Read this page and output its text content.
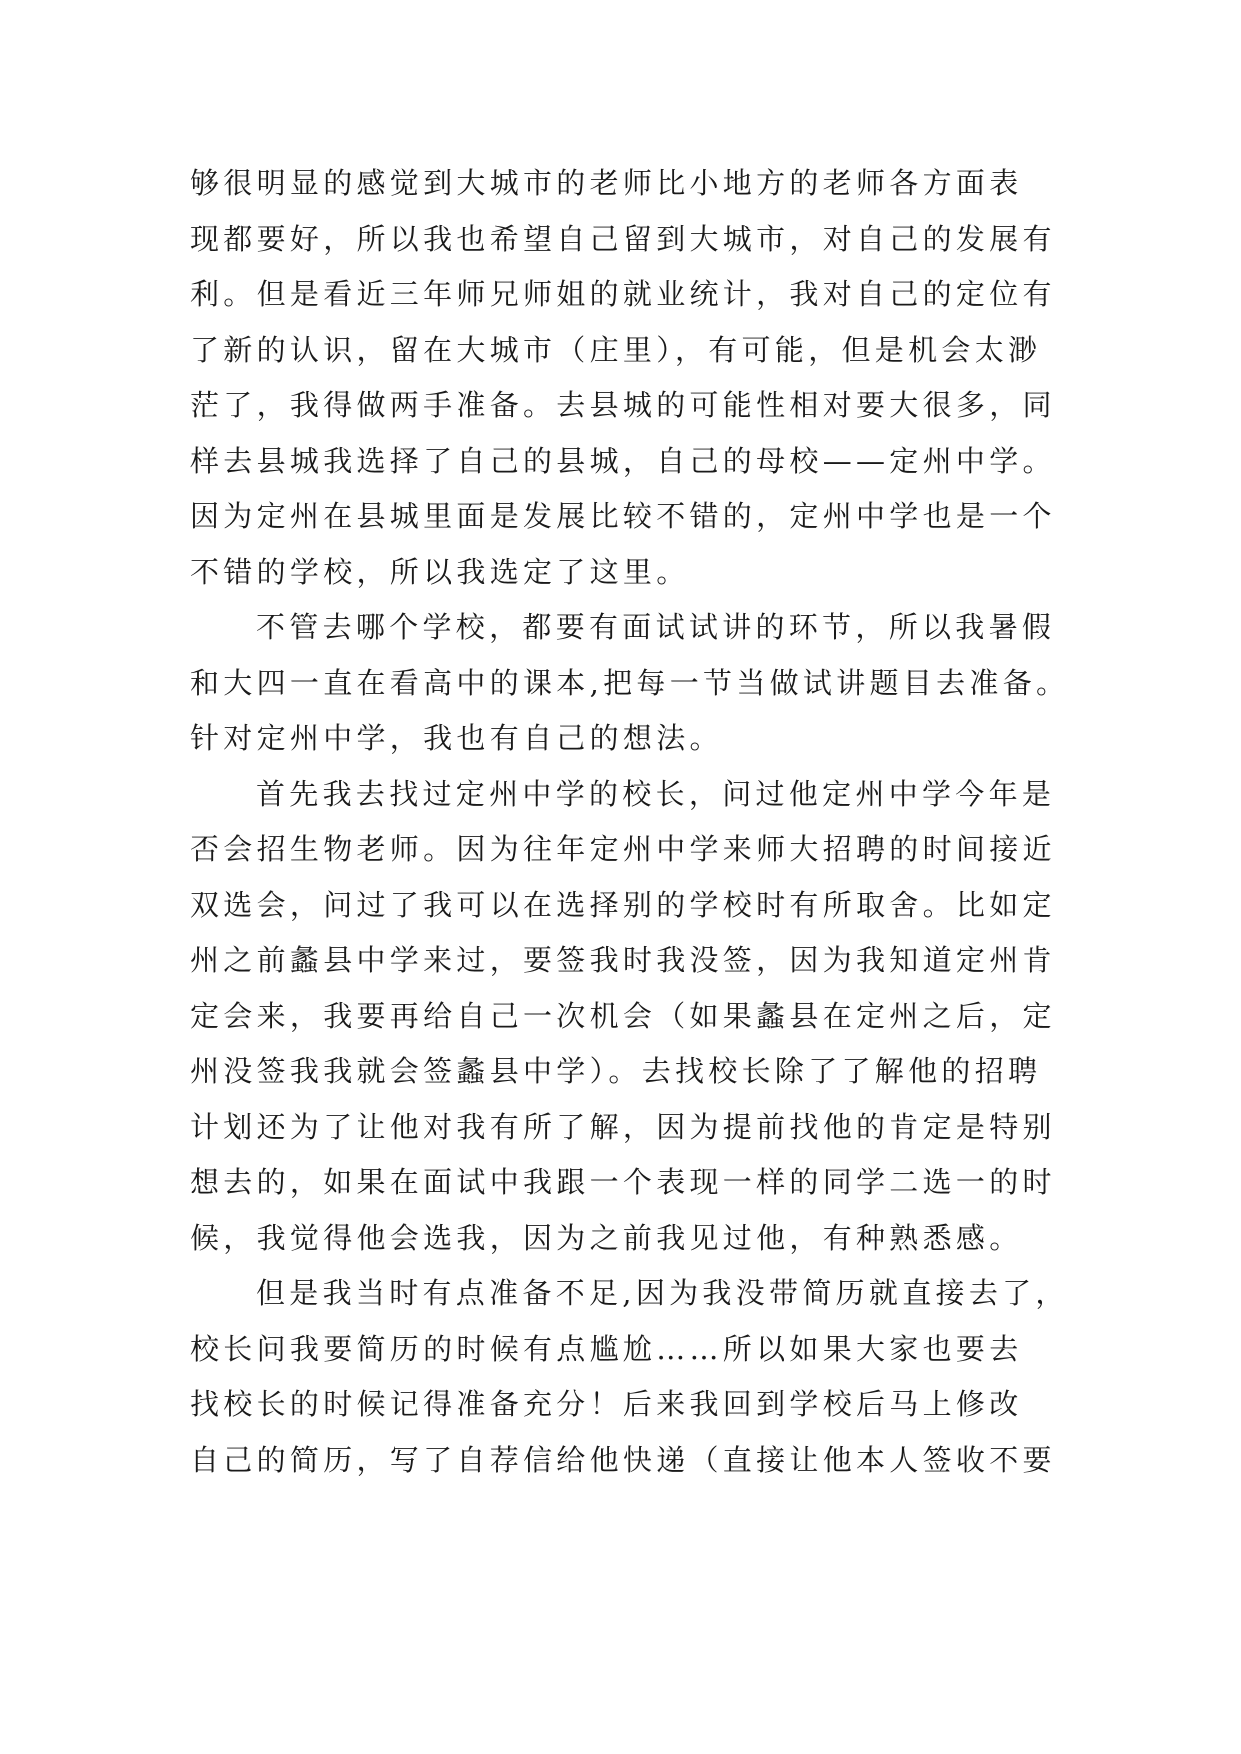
够很明显的感觉到大城市的老师比小地方的老师各方面表
现都要好，所以我也希望自己留到大城市，对自己的发展有
利。但是看近三年师兄师姐的就业统计，我对自己的定位有
了新的认识，留在大城市（庄里），有可能，但是机会太渺
茫了，我得做两手准备。去县城的可能性相对要大很多，同
样去县城我选择了自己的县城，自己的母校——定州中学。
因为定州在县城里面是发展比较不错的，定州中学也是一个
不错的学校，所以我选定了这里。
不管去哪个学校，都要有面试试讲的环节，所以我暑假
和大四一直在看高中的课本,把每一节当做试讲题目去准备。
针对定州中学，我也有自己的想法。
首先我去找过定州中学的校长，问过他定州中学今年是
否会招生物老师。因为往年定州中学来师大招聘的时间接近
双选会，问过了我可以在选择别的学校时有所取舍。比如定
州之前蠡县中学来过，要签我时我没签，因为我知道定州肯
定会来，我要再给自己一次机会（如果蠡县在定州之后，定
州没签我我就会签蠡县中学）。去找校长除了了解他的招聘
计划还为了让他对我有所了解，因为提前找他的肯定是特别
想去的，如果在面试中我跟一个表现一样的同学二选一的时
候，我觉得他会选我，因为之前我见过他，有种熟悉感。
但是我当时有点准备不足,因为我没带简历就直接去了，
校长问我要简历的时候有点尴尬……所以如果大家也要去
找校长的时候记得准备充分！后来我回到学校后马上修改
自己的简历，写了自荐信给他快递（直接让他本人签收不要
